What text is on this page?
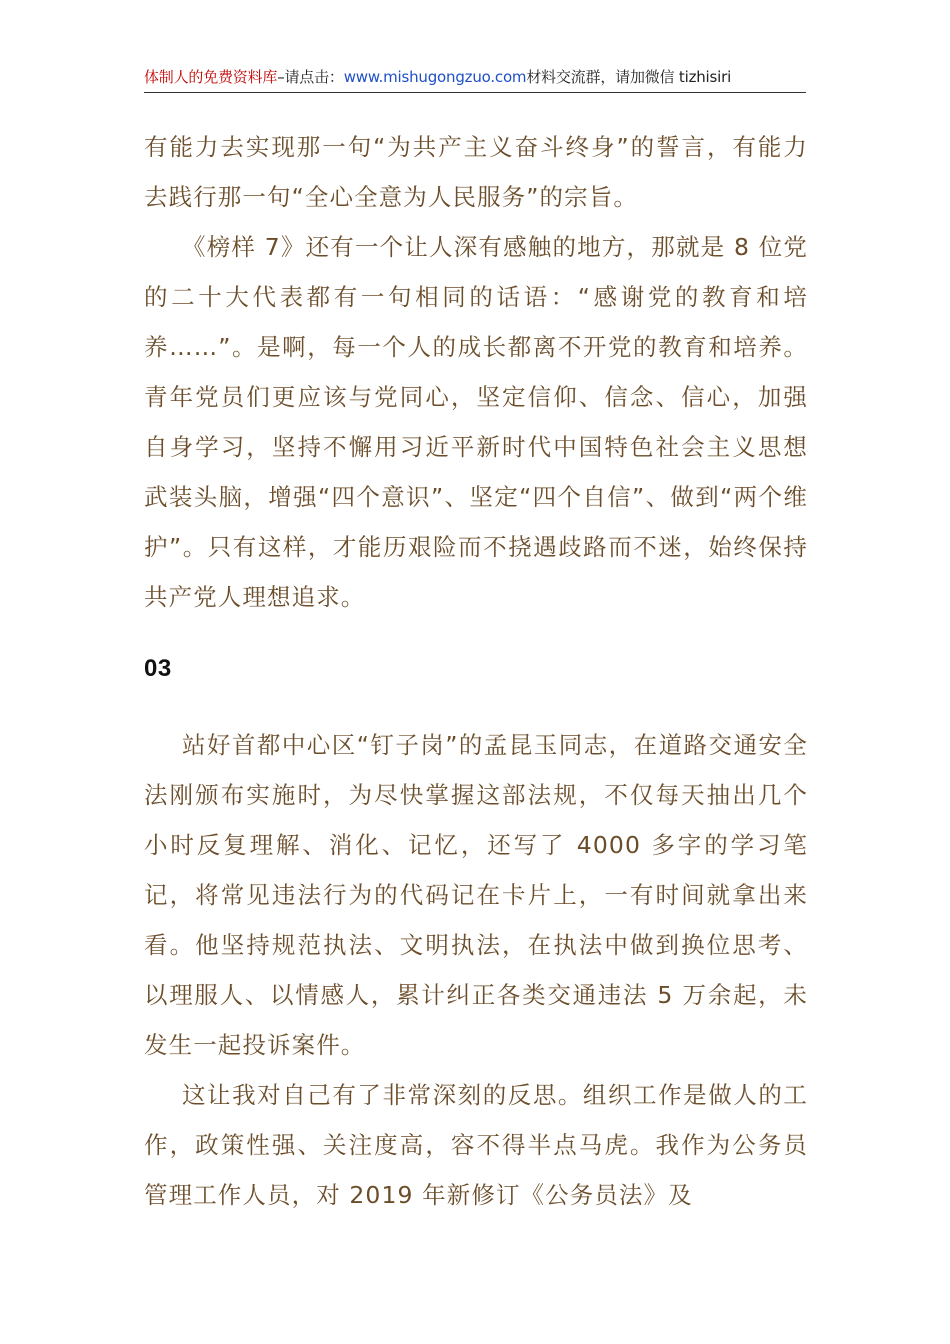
体制人的免费资料库–请点击：www.mishugongzuo.com材料交流群，请加微信 tizhisiri

有能力去实现那一句“为共产主义奋斗终身”的誓言，有能力去践行那一句“全心全意为人民服务”的宗旨。

《榜样 7》还有一个让人深有感触的地方，那就是 8 位党的二十大代表都有一句相同的话语：“感谢党的教育和培养……”。是啊，每一个人的成长都离不开党的教育和培养。青年党员们更应该与党同心，坚定信仰、信念、信心，加强自身学习，坚持不懈用习近平新时代中国特色社会主义思想武装头脑，增强“四个意识”、坚定“四个自信”、做到“两个维护”。只有这样，才能历艰险而不挠遇歧路而不迷，始终保持共产党人理想追求。

03

站好首都中心区“钉子岗”的孟昆玉同志，在道路交通安全法刚颁布实施时，为尽快掌握这部法规，不仅每天抽出几个小时反复理解、消化、记忆，还写了 4000 多字的学习笔记，将常见违法行为的代码记在卡片上，一有时间就拿出来看。他坚持规范执法、文明执法，在执法中做到换位思考、以理服人、以情感人，累计纠正各类交通违法 5 万余起，未发生一起投诉案件。

这让我对自己有了非常深刻的反思。组织工作是做人的工作，政策性强、关注度高，容不得半点马虎。我作为公务员管理工作人员，对 2019 年新修订《公务员法》及
